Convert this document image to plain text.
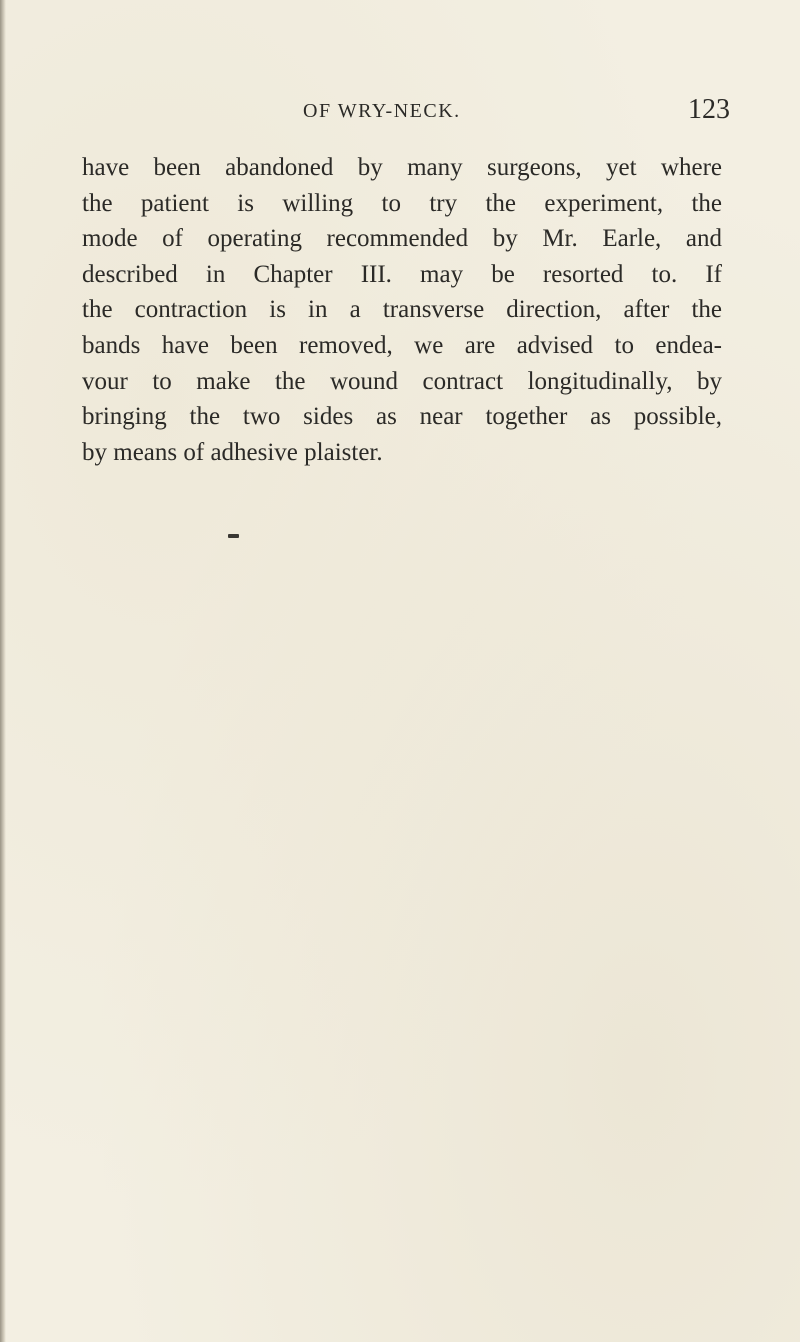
OF WRY-NECK.	123
have been abandoned by many surgeons, yet where
the patient is willing to try the experiment, the
mode of operating recommended by Mr. Earle, and
described in Chapter III. may be resorted to. If
the contraction is in a transverse direction, after the
bands have been removed, we are advised to endea-
vour to make the wound contract longitudinally, by
bringing the two sides as near together as possible,
by means of adhesive plaister.
